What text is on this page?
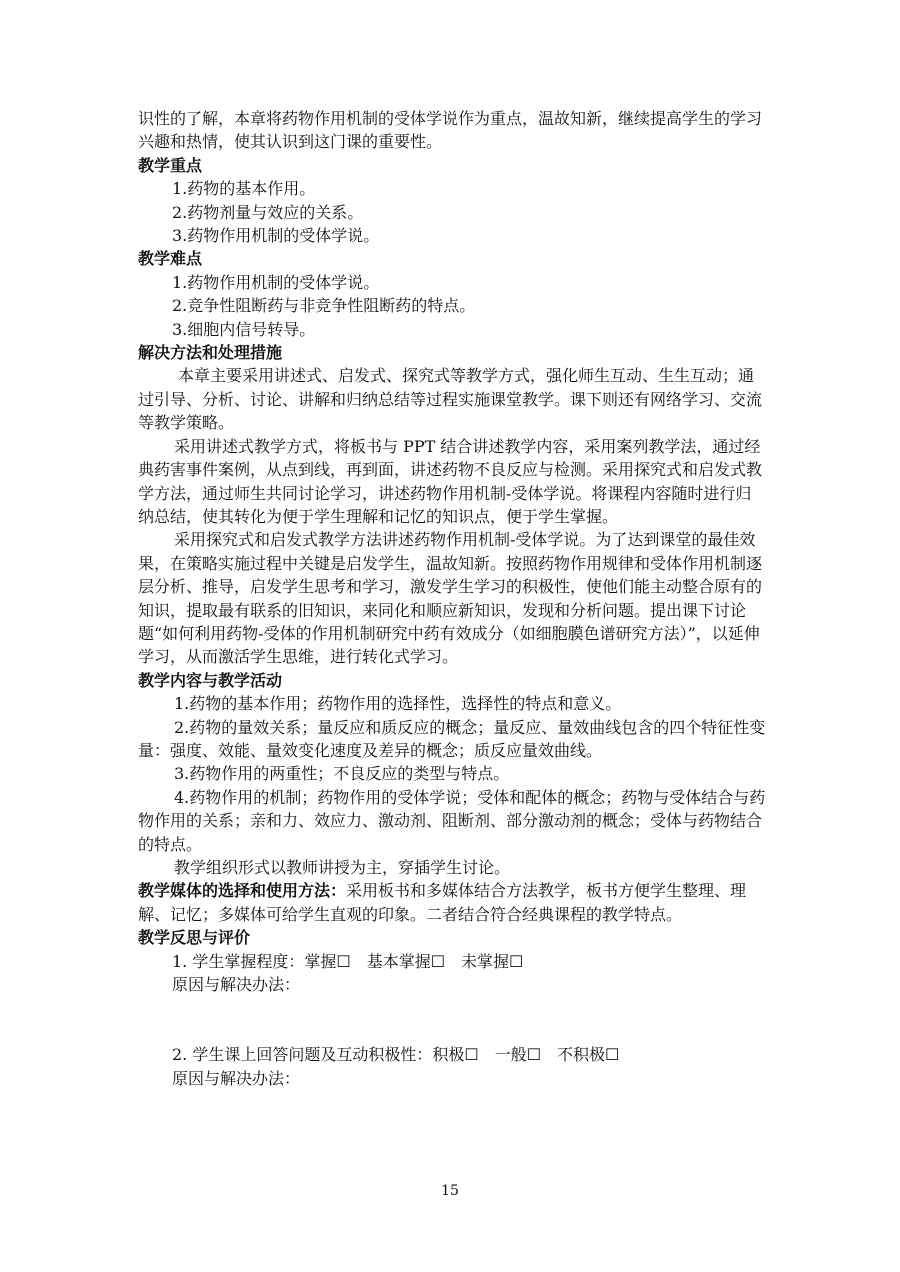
识性的了解，本章将药物作用机制的受体学说作为重点，温故知新，继续提高学生的学习兴趣和热情，使其认识到这门课的重要性。

教学重点

1.药物的基本作用。

2.药物剂量与效应的关系。

3.药物作用机制的受体学说。

教学难点

1.药物作用机制的受体学说。

2.竞争性阻断药与非竞争性阻断药的特点。

3.细胞内信号转导。

解决方法和处理措施

本章主要采用讲述式、启发式、探究式等教学方式，强化师生互动、生生互动；通过引导、分析、讨论、讲解和归纳总结等过程实施课堂教学。课下则还有网络学习、交流等教学策略。

采用讲述式教学方式，将板书与 PPT 结合讲述教学内容，采用案列教学法，通过经典药害事件案例，从点到线，再到面，讲述药物不良反应与检测。采用探究式和启发式教学方法，通过师生共同讨论学习，讲述药物作用机制-受体学说。将课程内容随时进行归纳总结，使其转化为便于学生理解和记忆的知识点，便于学生掌握。

采用探究式和启发式教学方法讲述药物作用机制-受体学说。为了达到课堂的最佳效果，在策略实施过程中关键是启发学生，温故知新。按照药物作用规律和受体作用机制逐层分析、推导，启发学生思考和学习，激发学生学习的积极性，使他们能主动整合原有的知识，提取最有联系的旧知识，来同化和顺应新知识，发现和分析问题。提出课下讨论题“如何利用药物-受体的作用机制研究中药有效成分（如细胞膜色谱研究方法）”，以延伸学习，从而激活学生思维，进行转化式学习。

教学内容与教学活动

1.药物的基本作用；药物作用的选择性，选择性的特点和意义。

2.药物的量效关系；量反应和质反应的概念；量反应、量效曲线包含的四个特征性变量：强度、效能、量效变化速度及差异的概念；质反应量效曲线。

3.药物作用的两重性；不良反应的类型与特点。

4.药物作用的机制；药物作用的受体学说；受体和配体的概念；药物与受体结合与药物作用的关系；亲和力、效应力、激动剂、阻断剂、部分激动剂的概念；受体与药物结合的特点。

教学组织形式以教师讲授为主，穿插学生讨论。

教学媒体的选择和使用方法：采用板书和多媒体结合方法教学，板书方便学生整理、理解、记忆；多媒体可给学生直观的印象。二者结合符合经典课程的教学特点。

教学反思与评价

1. 学生掌握程度：掌握☐　基本掌握☐　未掌握☐

原因与解决办法：

2. 学生课上回答问题及互动积极性：积极☐　一般☐　不积极☐

原因与解决办法：

15
